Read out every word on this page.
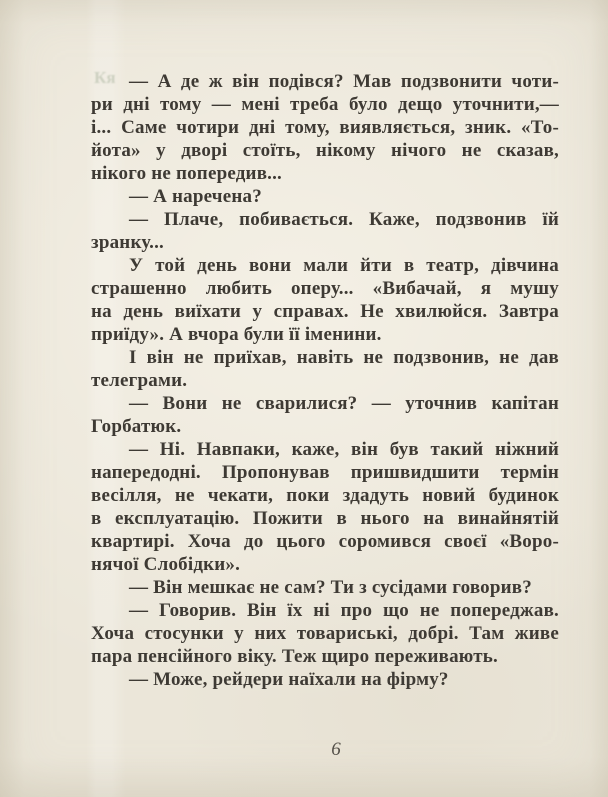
Кя — А де ж він подівся? Мав подзвонити чоти-
ри дні тому — мені треба було дещо уточнити,—
і... Саме чотири дні тому, виявляється, зник. «То-
йота» у дворі стоїть, нікому нічого не сказав,
нікого не попередив...
— А наречена?
— Плаче, побивається. Каже, подзвонив їй
зранку...
У той день вони мали йти в театр, дівчина
страшенно любить оперу... «Вибачай, я мушу
на день виїхати у справах. Не хвилюйся. Завтра
приїду». А вчора були її іменини.
І він не приїхав, навіть не подзвонив, не дав
телеграми.
— Вони не сварилися? — уточнив капітан
Горбатюк.
— Ні. Навпаки, каже, він був такий ніжний
напередодні. Пропонував пришвидшити термін
весілля, не чекати, поки здадуть новий будинок
в експлуатацію. Пожити в нього на винайнятій
квартирі. Хоча до цього соромився своєї «Воро-
нячої Слобідки».
— Він мешкає не сам? Ти з сусідами говорив?
— Говорив. Він їх ні про що не попереджав.
Хоча стосунки у них товариські, добрі. Там живе
пара пенсійного віку. Теж щиро переживають.
— Може, рейдери наїхали на фірму?
6
